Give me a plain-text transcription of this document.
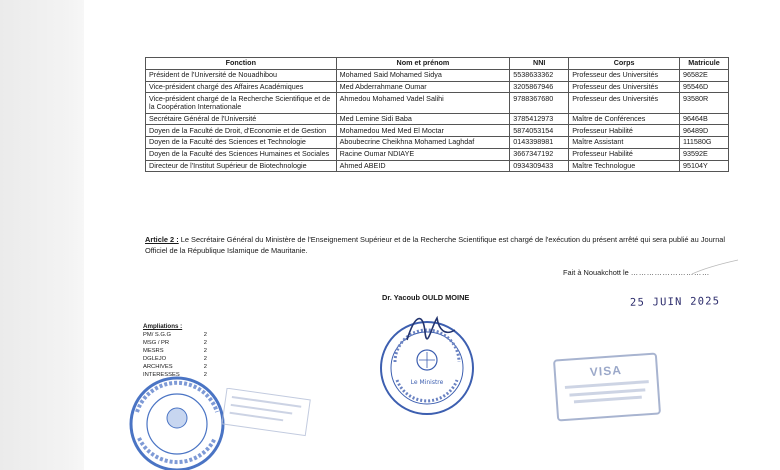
Fonction	Nom et prénom	NNI	Corps	Matricule
Président de l'Université de Nouadhibou	Mohamed Said Mohamed Sidya	5538633362	Professeur des Universités	96582E
Vice-président chargé des Affaires Académiques	Med Abderrahmane Oumar	3205867946	Professeur des Universités	95546D
Vice-président chargé de la Recherche Scientifique et de la Coopération Internationale	Ahmedou Mohamed Vadel Salihi	9788367680	Professeur des Universités	93580R
Secrétaire Général de l'Université	Med Lemine Sidi Baba	3785412973	Maître de Conférences	96464B
Doyen de la Faculté de Droit, d'Economie et de Gestion	Mohamedou Med Med El Moctar	5874053154	Professeur Habilité	96489D
Doyen de la Faculté des Sciences et Technologie	Aboubecrine Cheikhna Mohamed Laghdaf	0143398981	Maître Assistant	111580G
Doyen de la Faculté des Sciences Humaines et Sociales	Racine Oumar NDIAYE	3667347192	Professeur Habilité	93592E
Directeur de l'Institut Supérieur de Biotechnologie	Ahmed ABEID	0934309433	Maître Technologue	95104Y
Article 2 : Le Secrétaire Général du Ministère de l'Enseignement Supérieur et de la Recherche Scientifique est chargé de l'exécution du présent arrêté qui sera publié au Journal Officiel de la République Islamique de Mauritanie.
Fait à Nouakchott le …………………………
Dr. Yacoub OULD MOINE	25 JUIN 2025
Le Ministre
VISA
Ampliations :
PM/ S.G.G	2
MSG / PR	2
MESRS	2
DGLEJO	2
ARCHIVES	2
INTERESSES	2
